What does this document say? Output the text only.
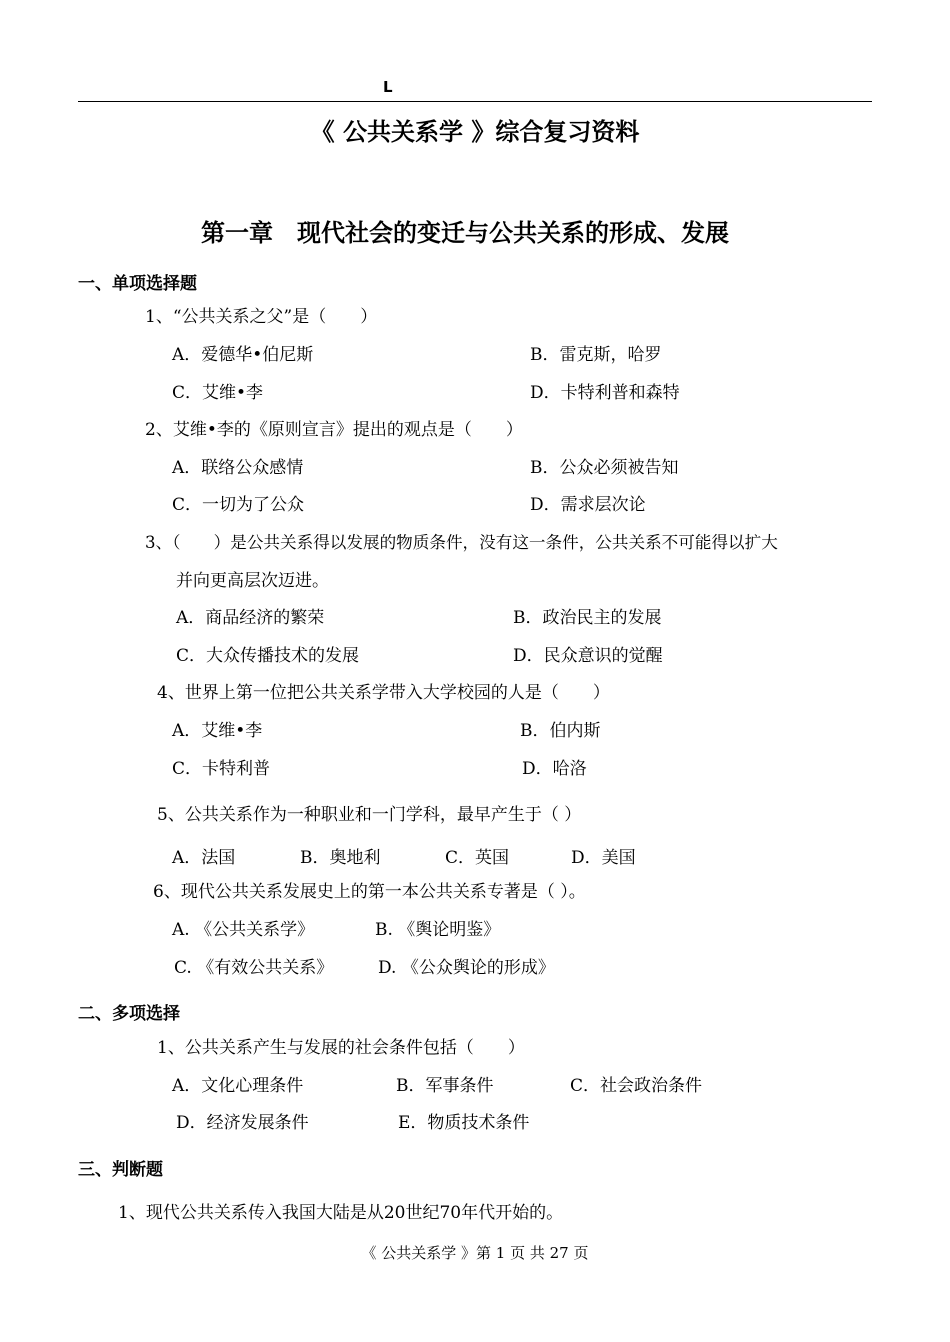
L
《 公共关系学 》综合复习资料
第一章　现代社会的变迁与公共关系的形成、发展
一、单项选择题
1、“公共关系之父”是（　　）
A．爱德华•伯尼斯	B．雷克斯，哈罗
C．艾维•李	D．卡特利普和森特
2、艾维•李的《原则宣言》提出的观点是（　　）
A．联络公众感情	B．公众必须被告知
C．一切为了公众	D．需求层次论
3、（　　）是公共关系得以发展的物质条件，没有这一条件，公共关系不可能得以扩大
并向更高层次迈进。
A．商品经济的繁荣	B．政治民主的发展
C．大众传播技术的发展	D．民众意识的觉醒
4、世界上第一位把公共关系学带入大学校园的人是（　　）
A．艾维•李	B．伯内斯
C．卡特利普	D．哈洛
5、公共关系作为一种职业和一门学科，最早产生于（ ）
A．法国	B．奥地利	C．英国	D．美国
6、现代公共关系发展史上的第一本公共关系专著是（ ）。
A. 《公共关系学》	B. 《舆论明鉴》
C. 《有效公共关系》	D. 《公众舆论的形成》
二、多项选择
1、公共关系产生与发展的社会条件包括（　　）
A．文化心理条件	B．军事条件	C．社会政治条件
D．经济发展条件	E．物质技术条件
三、判断题
1、现代公共关系传入我国大陆是从20世纪70年代开始的。
《 公共关系学 》第 1 页 共 27 页
